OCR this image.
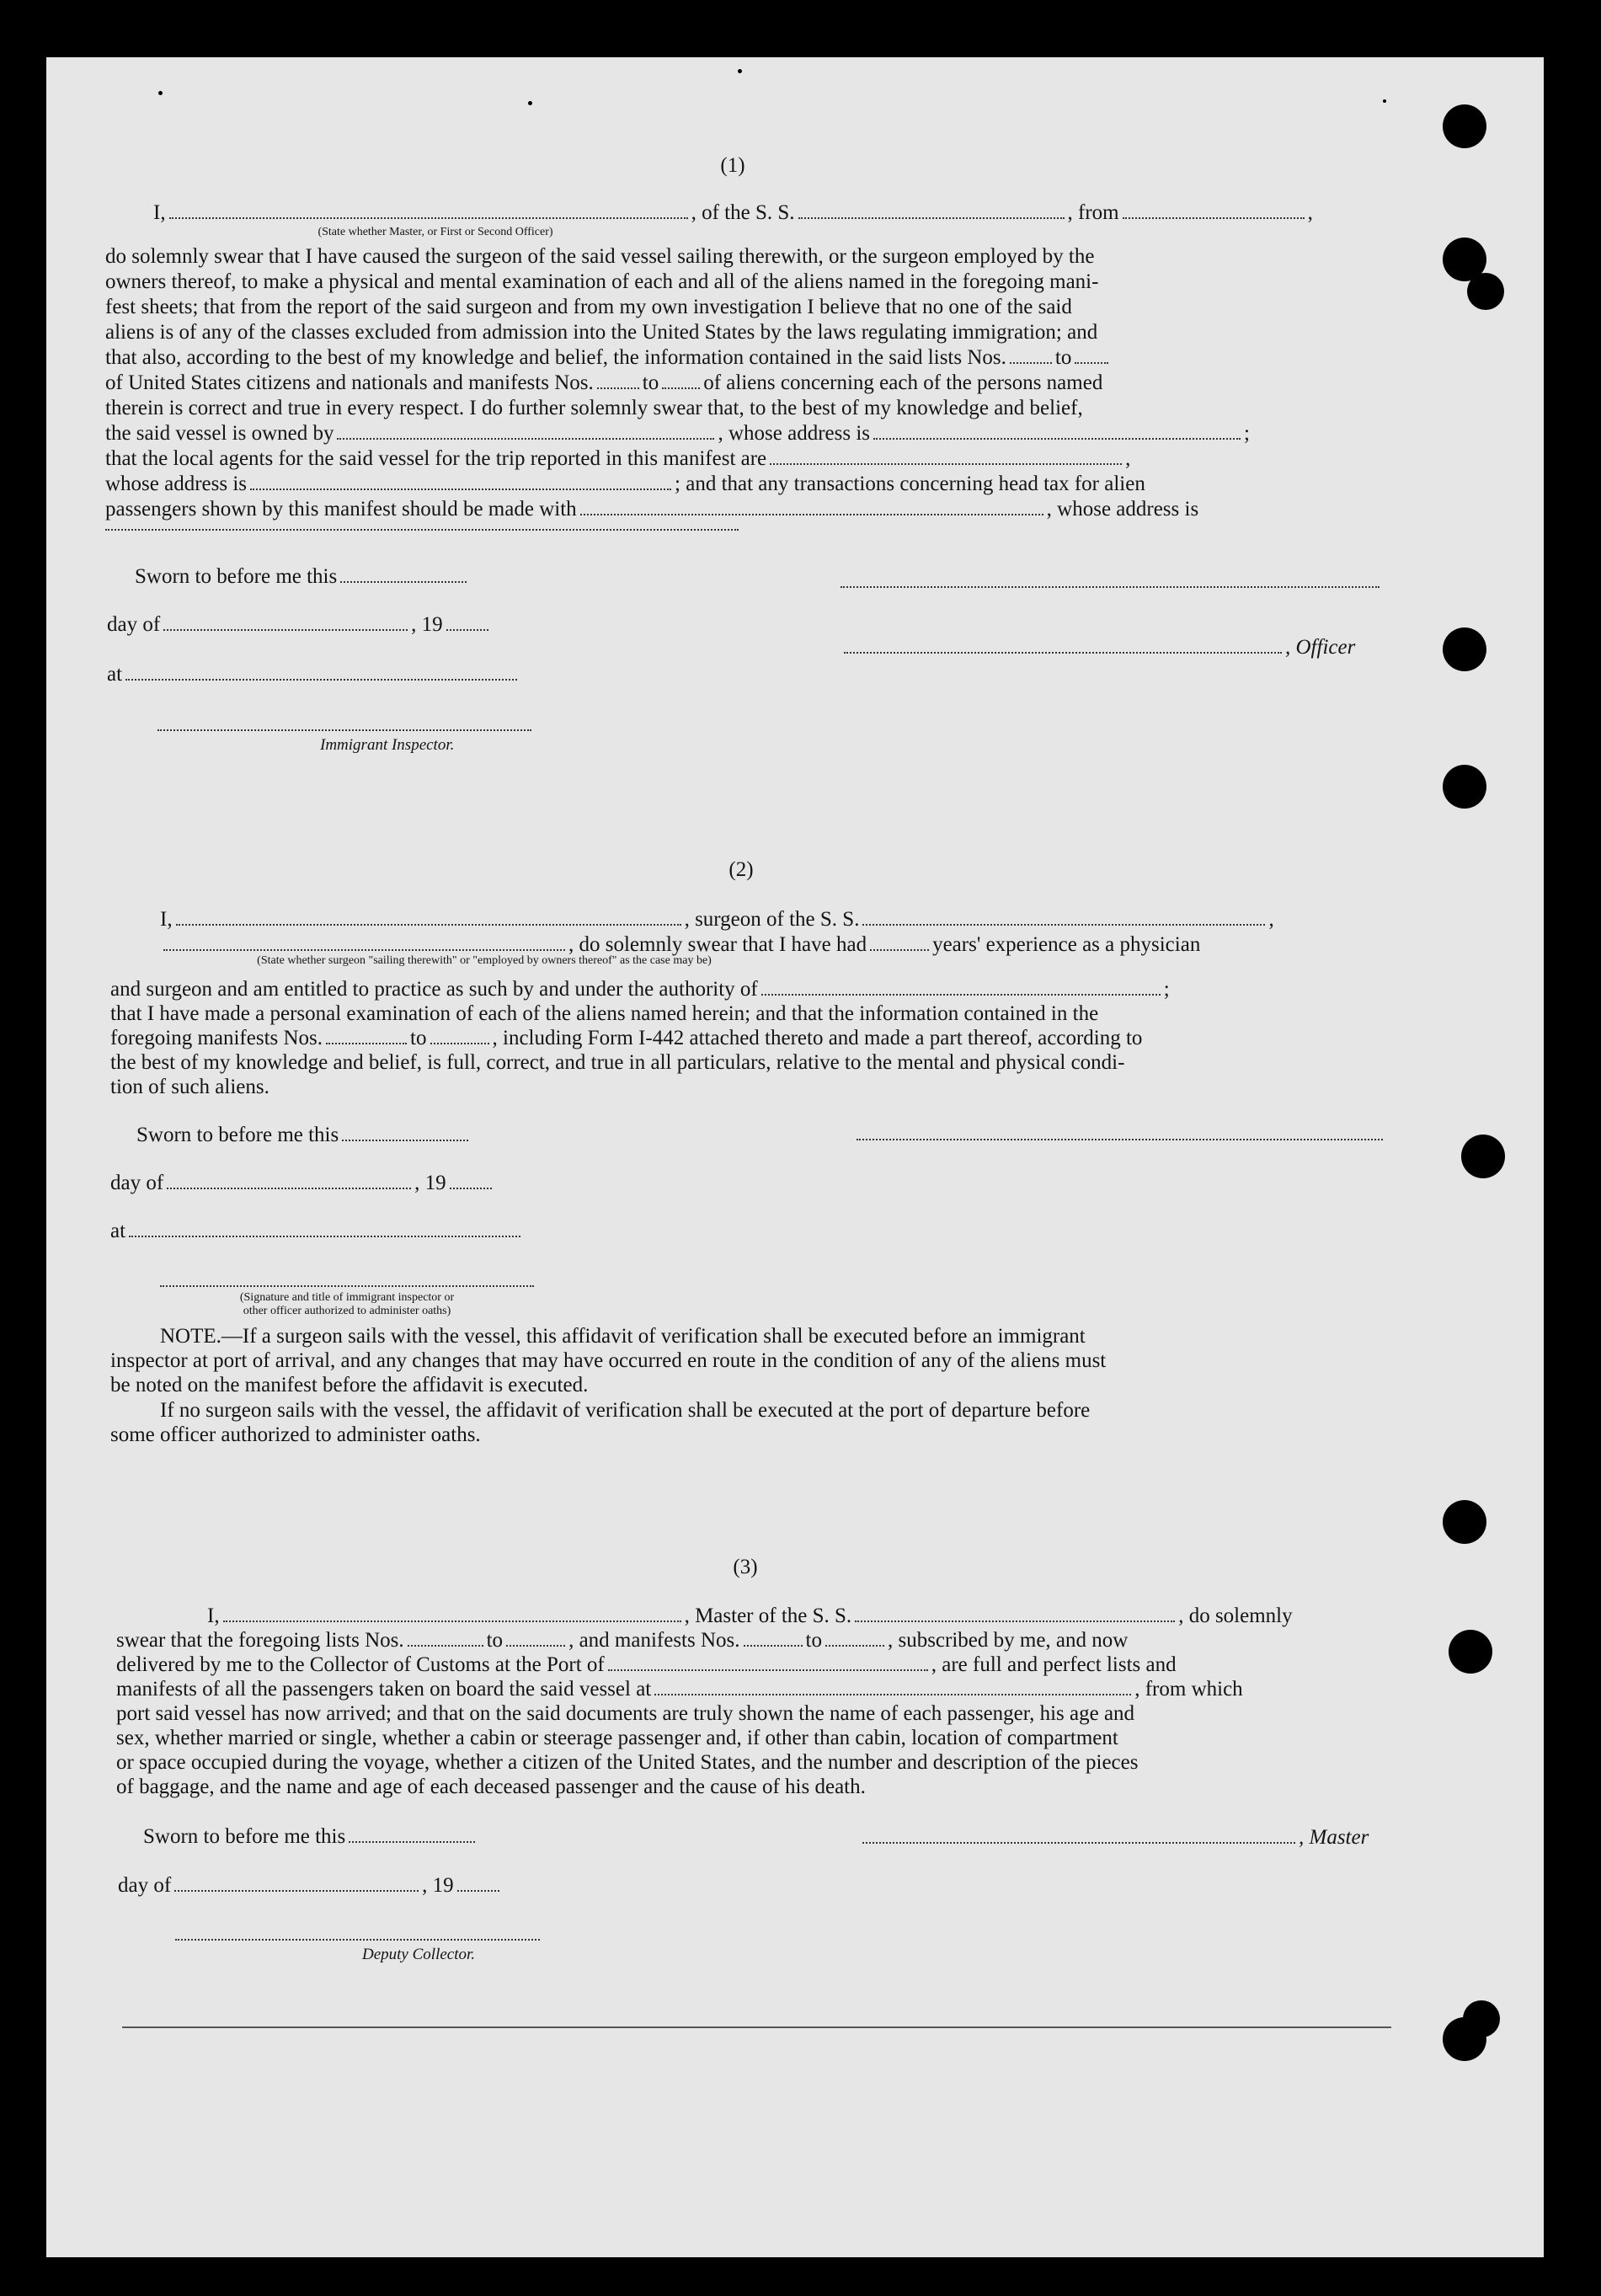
(1)
I,	, of the S. S.	, from	,
(State whether Master, or First or Second Officer)
do solemnly swear that I have caused the surgeon of the said vessel sailing therewith, or the surgeon employed by the
owners thereof, to make a physical and mental examination of each and all of the aliens named in the foregoing mani-
fest sheets; that from the report of the said surgeon and from my own investigation I believe that no one of the said
aliens is of any of the classes excluded from admission into the United States by the laws regulating immigration; and
that also, according to the best of my knowledge and belief, the information contained in the said lists Nos. to
of United States citizens and nationals and manifests Nos. to of aliens concerning each of the persons named
therein is correct and true in every respect. I do further solemnly swear that, to the best of my knowledge and belief,
the said vessel is owned by	, whose address is	;
that the local agents for the said vessel for the trip reported in this manifest are	,
whose address is	; and that any transactions concerning head tax for alien
passengers shown by this manifest should be made with	, whose address is
Sworn to before me this
day of	, 19
, Officer
at
Immigrant Inspector.
(2)
I,	, surgeon of the S. S.	,
, do solemnly swear that I have had	years' experience as a physician
(State whether surgeon "sailing therewith" or "employed by owners thereof" as the case may be)
and surgeon and am entitled to practice as such by and under the authority of	;
that I have made a personal examination of each of the aliens named herein; and that the information contained in the
foregoing manifests Nos.	to	, including Form I-442 attached thereto and made a part thereof, according to
the best of my knowledge and belief, is full, correct, and true in all particulars, relative to the mental and physical condi-
tion of such aliens.
Sworn to before me this
day of	, 19
at
(Signature and title of immigrant inspector or
other officer authorized to administer oaths)
NOTE.—If a surgeon sails with the vessel, this affidavit of verification shall be executed before an immigrant
inspector at port of arrival, and any changes that may have occurred en route in the condition of any of the aliens must
be noted on the manifest before the affidavit is executed.
If no surgeon sails with the vessel, the affidavit of verification shall be executed at the port of departure before
some officer authorized to administer oaths.
(3)
I,	, Master of the S. S.	, do solemnly
swear that the foregoing lists Nos.	to	, and manifests Nos.	to	, subscribed by me, and now
delivered by me to the Collector of Customs at the Port of	, are full and perfect lists and
manifests of all the passengers taken on board the said vessel at	, from which
port said vessel has now arrived; and that on the said documents are truly shown the name of each passenger, his age and
sex, whether married or single, whether a cabin or steerage passenger and, if other than cabin, location of compartment
or space occupied during the voyage, whether a citizen of the United States, and the number and description of the pieces
of baggage, and the name and age of each deceased passenger and the cause of his death.
Sworn to before me this	, Master
day of	, 19
Deputy Collector.
